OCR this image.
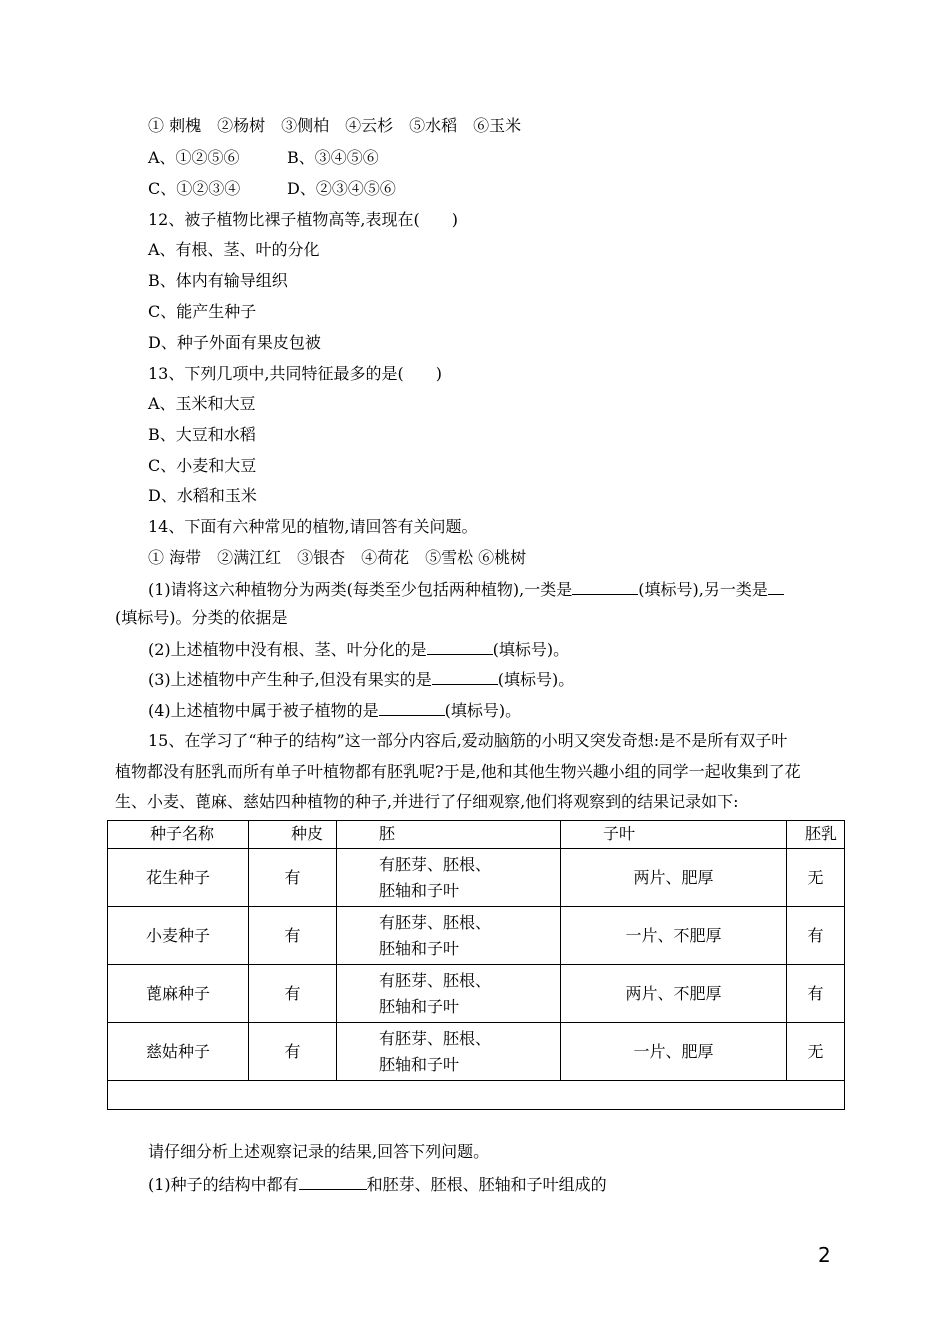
① 刺槐　②杨树　③侧柏　④云杉　⑤水稻　⑥玉米
A、①②⑤⑥	B、③④⑤⑥
C、①②③④	D、②③④⑤⑥
12、被子植物比裸子植物高等,表现在(　　)
A、有根、茎、叶的分化
B、体内有输导组织
C、能产生种子
D、种子外面有果皮包被
13、下列几项中,共同特征最多的是(　　)
A、玉米和大豆
B、大豆和水稻
C、小麦和大豆
D、水稻和玉米
14、下面有六种常见的植物,请回答有关问题。
① 海带　②满江红　③银杏　④荷花　⑤雪松 ⑥桃树
(1)请将这六种植物分为两类(每类至少包括两种植物),一类是	(填标号),另一类是
(填标号)。分类的依据是
(2)上述植物中没有根、茎、叶分化的是	(填标号)。
(3)上述植物中产生种子,但没有果实的是	(填标号)。
(4)上述植物中属于被子植物的是	(填标号)。
15、在学习了“种子的结构”这一部分内容后,爱动脑筋的小明又突发奇想:是不是所有双子叶
植物都没有胚乳而所有单子叶植物都有胚乳呢?于是,他和其他生物兴趣小组的同学一起收集到了花
生、小麦、蓖麻、慈姑四种植物的种子,并进行了仔细观察,他们将观察到的结果记录如下:
种子名称	种皮	胚	子叶	胚乳
花生种子	有	有胚芽、胚根、
胚轴和子叶	两片、肥厚	无
小麦种子	有	有胚芽、胚根、
胚轴和子叶	一片、不肥厚	有
蓖麻种子	有	有胚芽、胚根、
胚轴和子叶	两片、不肥厚	有
慈姑种子	有	有胚芽、胚根、
胚轴和子叶	一片、肥厚	无

请仔细分析上述观察记录的结果,回答下列问题。
(1)种子的结构中都有	和胚芽、胚根、胚轴和子叶组成的
2
